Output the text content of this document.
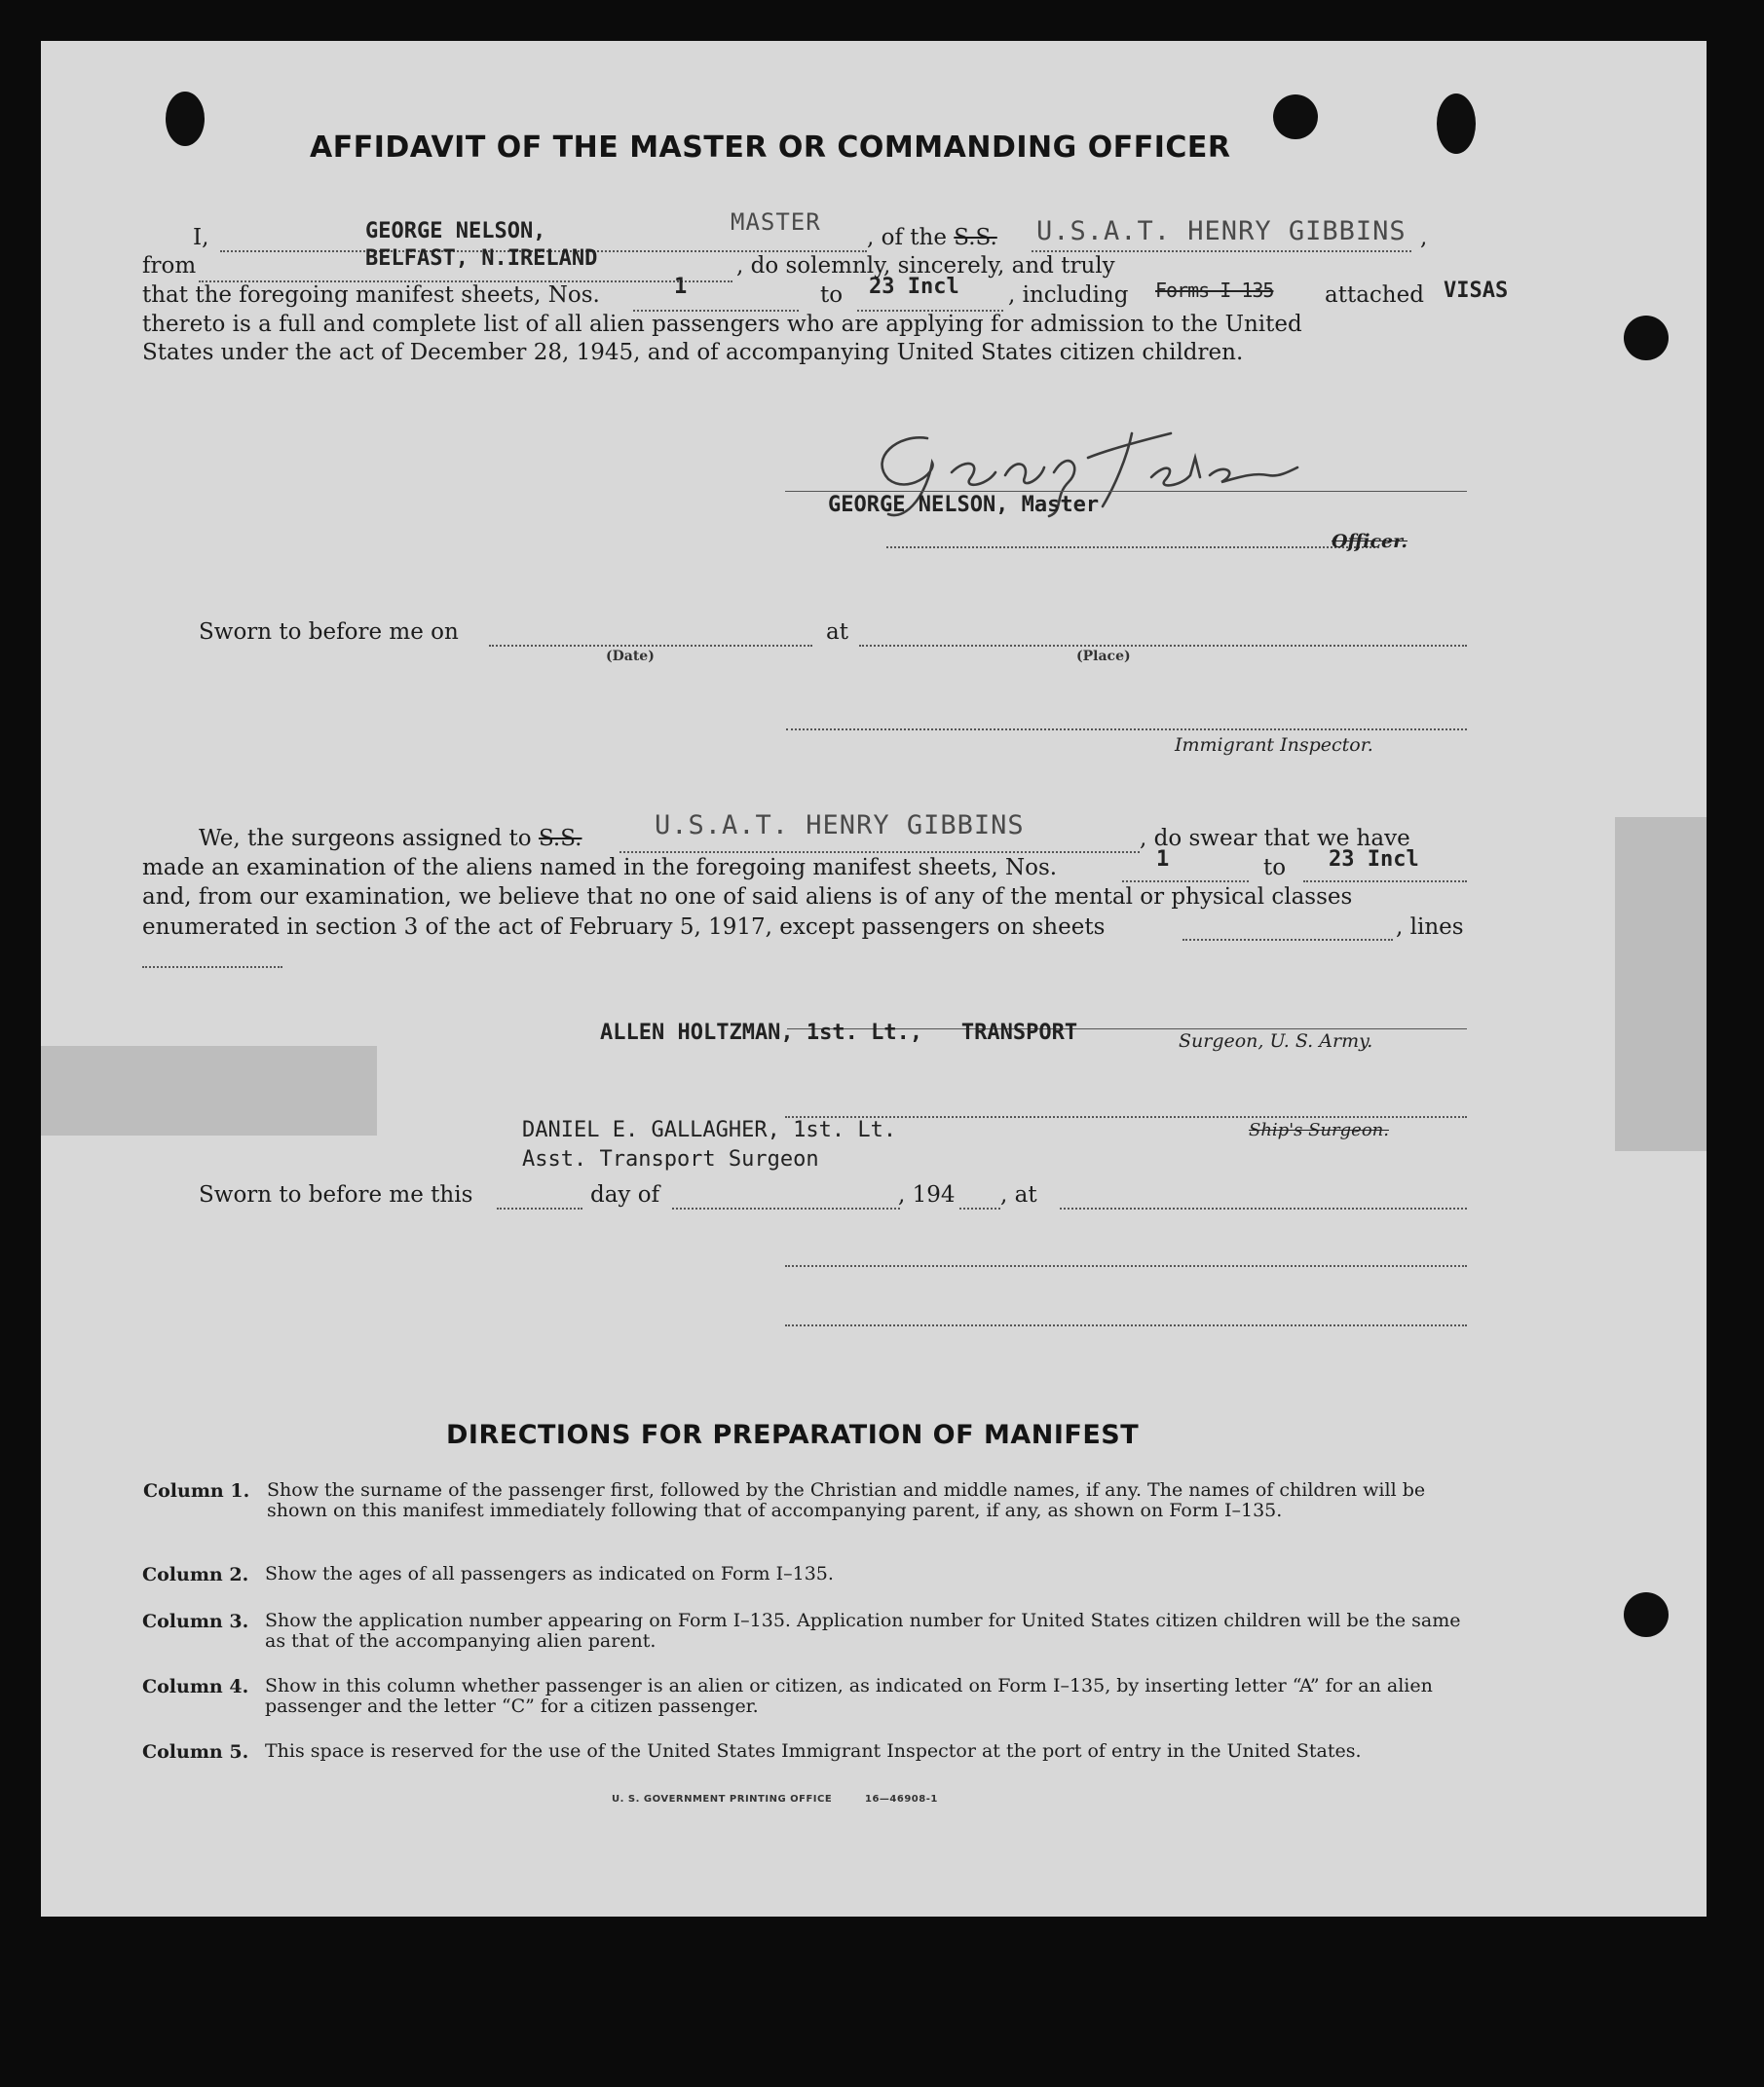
AFFIDAVIT OF THE MASTER OR COMMANDING OFFICER
I,	GEORGE NELSON,	MASTER
, of the S.S. U.S.A.T. HENRY GIBBINS ,
from	BELFAST, N.IRELAND	, do solemnly, sincerely, and truly
that the foregoing manifest sheets, Nos.	1	to 23 Incl , including Forms I-135 attached VISAS
thereto is a full and complete list of all alien passengers who are applying for admission to the United
States under the act of December 28, 1945, and of accompanying United States citizen children.
GEORGE NELSON, Master
Officer.
Sworn to before me on
(Date)
at
(Place)
Immigrant Inspector.
We, the surgeons assigned to S.S.	U.S.A.T. HENRY GIBBINS	, do swear that we have
made an examination of the aliens named in the foregoing manifest sheets, Nos.	1	to 23 Incl
and, from our examination, we believe that no one of said aliens is of any of the mental or physical classes
enumerated in section 3 of the act of February 5, 1917, except passengers on sheets	, lines
ALLEN HOLTZMAN, 1st. Lt.,   TRANSPORT	Surgeon, U. S. Army.
Ship's Surgeon.
DANIEL E. GALLAGHER, 1st. Lt.
Asst. Transport Surgeon
Sworn to before me this	day of	, 194 , at
DIRECTIONS FOR PREPARATION OF MANIFEST
Column 1. Show the surname of the passenger first, followed by the Christian and middle names, if any. The names of children will be shown on this manifest immediately following that of accompanying parent, if any, as shown on Form I–135.
Column 2. Show the ages of all passengers as indicated on Form I–135.
Column 3. Show the application number appearing on Form I–135. Application number for United States citizen children will be the same as that of the accompanying alien parent.
Column 4. Show in this column whether passenger is an alien or citizen, as indicated on Form I–135, by inserting letter “A” for an alien passenger and the letter “C” for a citizen passenger.
Column 5. This space is reserved for the use of the United States Immigrant Inspector at the port of entry in the United States.
U. S. GOVERNMENT PRINTING OFFICE	16—46908-1
